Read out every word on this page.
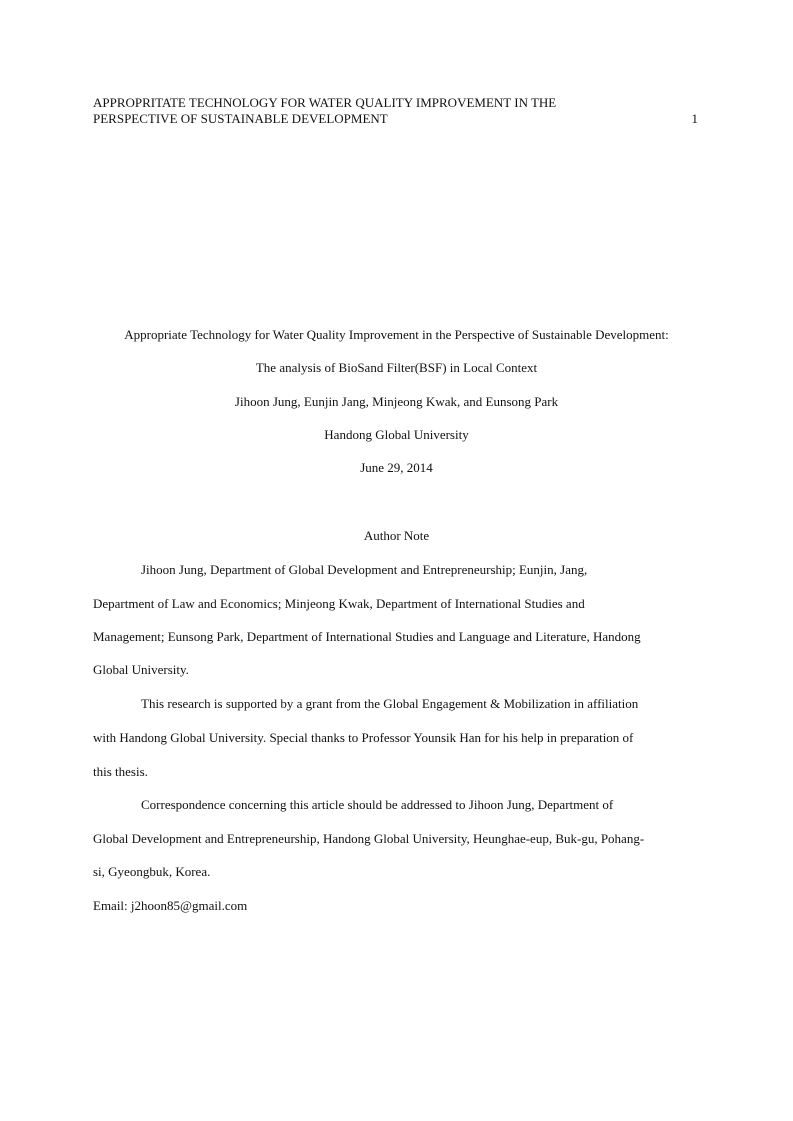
APPROPRITATE TECHNOLOGY FOR WATER QUALITY IMPROVEMENT IN THE
PERSPECTIVE OF SUSTAINABLE DEVELOPMENT	1
Appropriate Technology for Water Quality Improvement in the Perspective of Sustainable Development:
The analysis of BioSand Filter(BSF) in Local Context
Jihoon Jung, Eunjin Jang, Minjeong Kwak, and Eunsong Park
Handong Global University
June 29, 2014
Author Note
Jihoon Jung, Department of Global Development and Entrepreneurship; Eunjin, Jang,
Department of Law and Economics; Minjeong Kwak, Department of International Studies and
Management; Eunsong Park, Department of International Studies and Language and Literature, Handong
Global University.
This research is supported by a grant from the Global Engagement & Mobilization in affiliation
with Handong Global University. Special thanks to Professor Younsik Han for his help in preparation of
this thesis.
Correspondence concerning this article should be addressed to Jihoon Jung, Department of
Global Development and Entrepreneurship, Handong Global University, Heunghae-eup, Buk-gu, Pohang-
si, Gyeongbuk, Korea.
Email: j2hoon85@gmail.com
